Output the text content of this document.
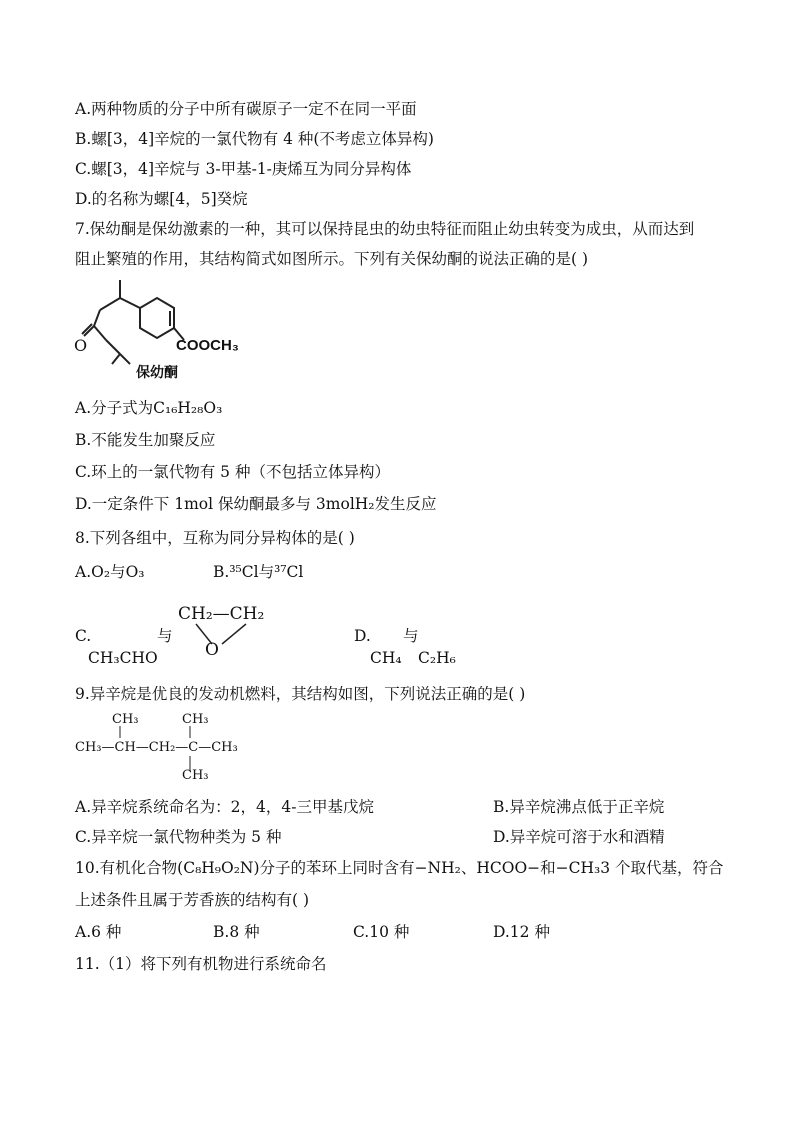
A.两种物质的分子中所有碳原子一定不在同一平面
B.螺[3，4]辛烷的一氯代物有 4 种(不考虑立体异构)
C.螺[3，4]辛烷与 3-甲基-1-庚烯互为同分异构体
D.的名称为螺[4，5]癸烷
7.保幼酮是保幼激素的一种，其可以保持昆虫的幼虫特征而阻止幼虫转变为成虫，从而达到
阻止繁殖的作用，其结构简式如图所示。下列有关保幼酮的说法正确的是( )
O	COOCH₃
保幼酮
A.分子式为C₁₆H₂₈O₃
B.不能发生加聚反应
C.环上的一氯代物有 5 种（不包括立体异构）
D.一定条件下 1mol 保幼酮最多与 3molH₂发生反应
8.下列各组中，互称为同分异构体的是( )
A.O₂与O₃	B.³⁵Cl与³⁷Cl
C.	与
CH₃CHO
CH₂—CH₂
O
D. 与
CH₄ C₂H₆
9.异辛烷是优良的发动机燃料，其结构如图，下列说法正确的是( )
CH₃	CH₃
CH₃—CH—CH₂—C—CH₃
CH₃
A.异辛烷系统命名为：2，4，4-三甲基戊烷	B.异辛烷沸点低于正辛烷
C.异辛烷一氯代物种类为 5 种	D.异辛烷可溶于水和酒精
10.有机化合物(C₈H₉O₂N)分子的苯环上同时含有−NH₂、HCOO−和−CH₃3 个取代基，符合
上述条件且属于芳香族的结构有( )
A.6 种	B.8 种	C.10 种	D.12 种
11.（1）将下列有机物进行系统命名
